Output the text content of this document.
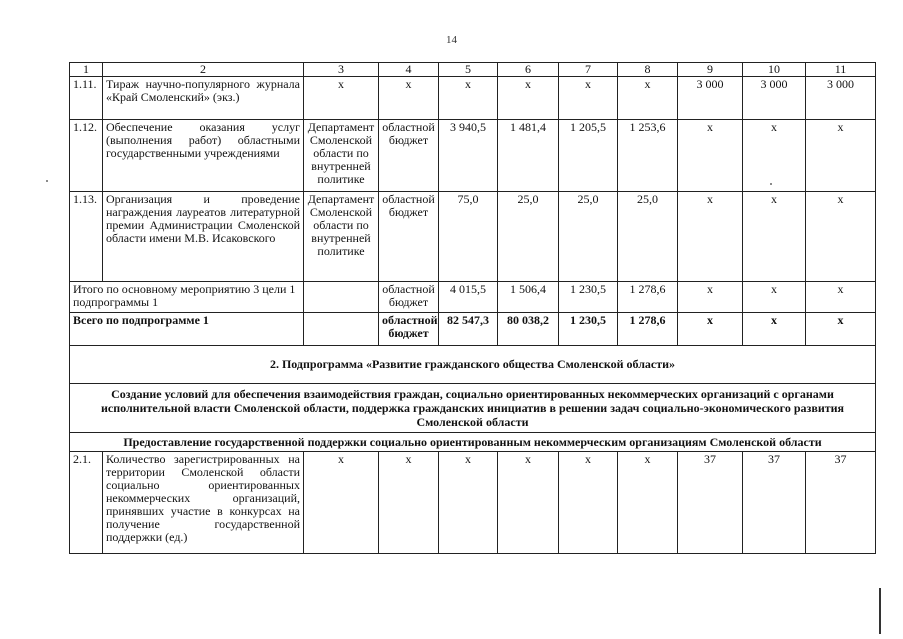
14
1	2	3	4	5	6	7	8	9	10	11
1.11.	Тираж научно-популярного журнала «Край Смоленский» (экз.)	х	х	х	х	х	х	3 000	3 000	3 000
1.12.	Обеспечение оказания услуг (выполнения работ) областными государственными учреждениями	Департамент Смоленской области по внутренней политике	областной бюджет	3 940,5	1 481,4	1 205,5	1 253,6	х	х	х
1.13.	Организация и проведение награждения лауреатов литературной премии Администрации Смоленской области имени М.В. Исаковского	Департамент Смоленской области по внутренней политике	областной бюджет	75,0	25,0	25,0	25,0	х	х	х
Итого по основному мероприятию 3 цели 1 подпрограммы 1			областной бюджет	4 015,5	1 506,4	1 230,5	1 278,6	х	х	х
Всего по подпрограмме 1			областной бюджет	82 547,3	80 038,2	1 230,5	1 278,6	х	х	х
2. Подпрограмма «Развитие гражданского общества Смоленской области»										
Создание условий для обеспечения взаимодействия граждан, социально ориентированных некоммерческих организаций с органами исполнительной власти Смоленской области, поддержка гражданских инициатив в решении задач социально-экономического развития Смоленской области										
Предоставление государственной поддержки социально ориентированным некоммерческим организациям Смоленской области										
2.1.	Количество зарегистрированных на территории Смоленской области социально ориентированных некоммерческих организаций, принявших участие в конкурсах на получение государственной поддержки (ед.)	х	х	х	х	х	х	37	37	37
